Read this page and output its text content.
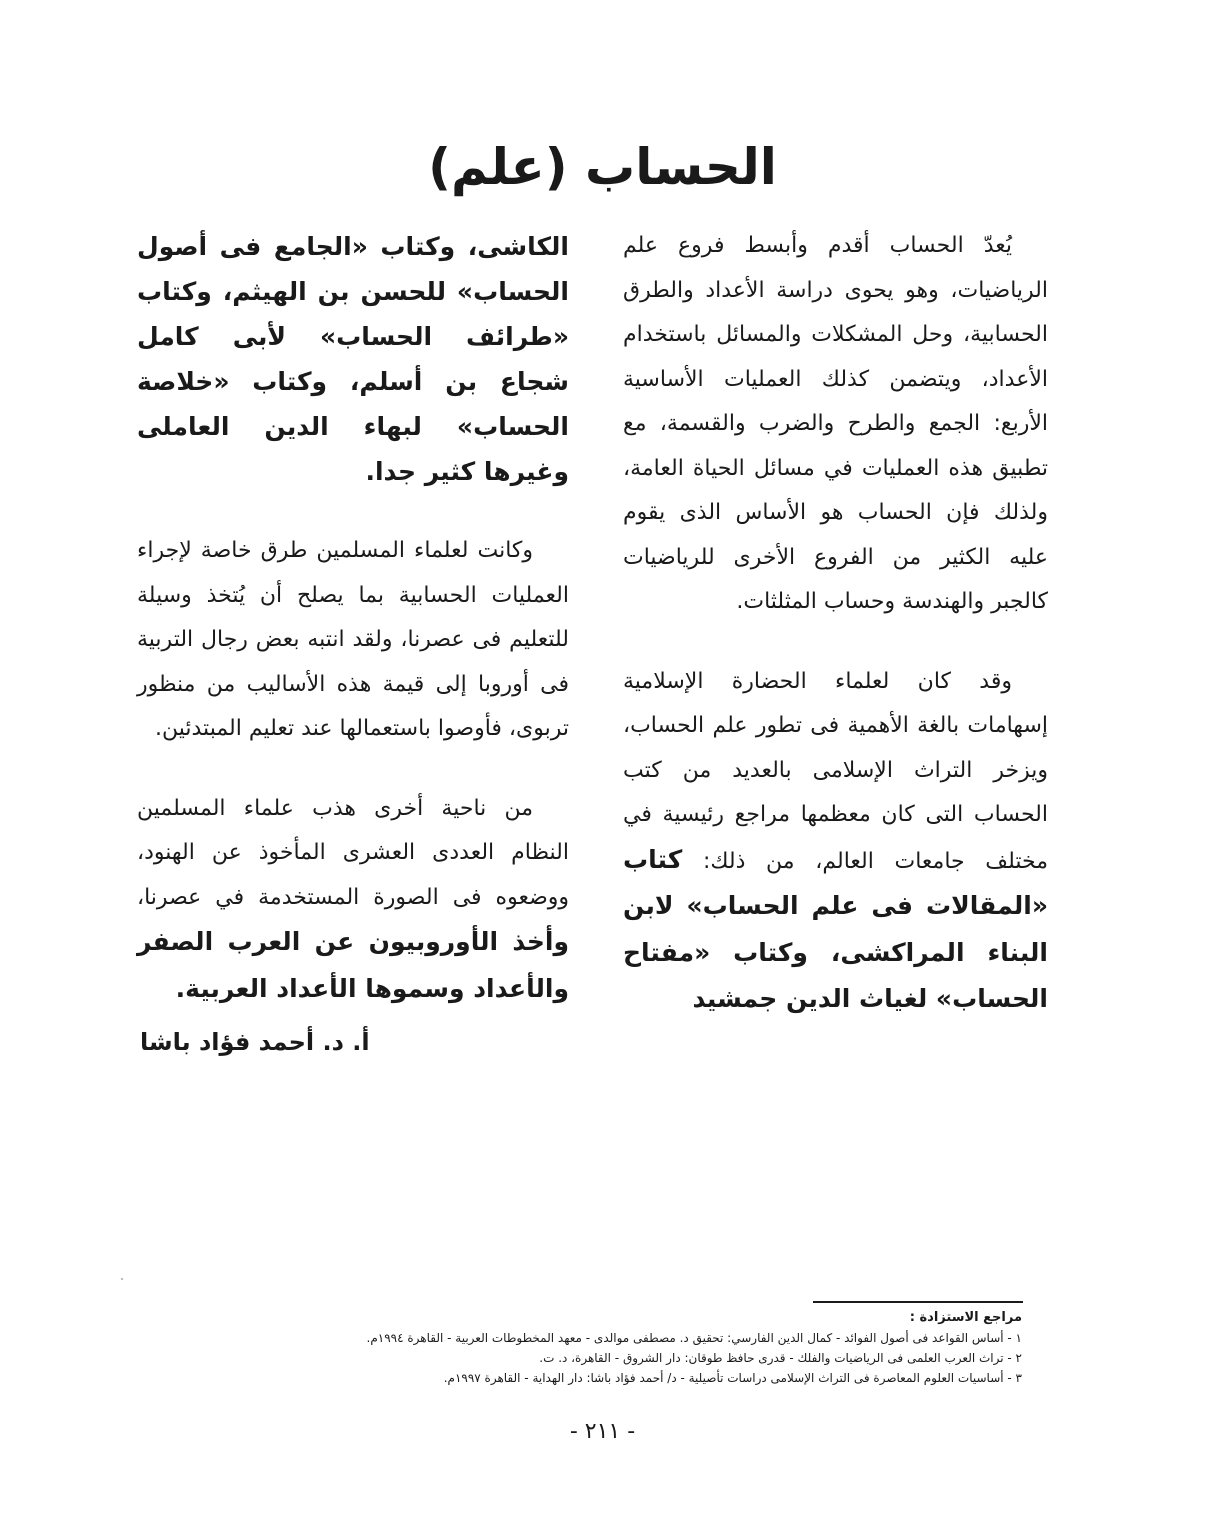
الحساب (علم)

يُعدّ الحساب أقدم وأبسط فروع علم الرياضيات، وهو يحوى دراسة الأعداد والطرق الحسابية، وحل المشكلات والمسائل باستخدام الأعداد، ويتضمن كذلك العمليات الأساسية الأربع: الجمع والطرح والضرب والقسمة، مع تطبيق هذه العمليات في مسائل الحياة العامة، ولذلك فإن الحساب هو الأساس الذى يقوم عليه الكثير من الفروع الأخرى للرياضيات كالجبر والهندسة وحساب المثلثات.

وقد كان لعلماء الحضارة الإسلامية إسهامات بالغة الأهمية فى تطور علم الحساب، ويزخر التراث الإسلامى بالعديد من كتب الحساب التى كان معظمها مراجع رئيسية في مختلف جامعات العالم، من ذلك: كتاب «المقالات فى علم الحساب» لابن البناء المراكشى، وكتاب «مفتاح الحساب» لغياث الدين جمشيد

الكاشى، وكتاب «الجامع فى أصول الحساب» للحسن بن الهيثم، وكتاب «طرائف الحساب» لأبى كامل شجاع بن أسلم، وكتاب «خلاصة الحساب» لبهاء الدين العاملى وغيرها كثير جدا.

وكانت لعلماء المسلمين طرق خاصة لإجراء العمليات الحسابية بما يصلح أن يُتخذ وسيلة للتعليم فى عصرنا، ولقد انتبه بعض رجال التربية فى أوروبا إلى قيمة هذه الأساليب من منظور تربوى، فأوصوا باستعمالها عند تعليم المبتدئين.

من ناحية أخرى هذب علماء المسلمين النظام العددى العشرى المأخوذ عن الهنود، ووضعوه فى الصورة المستخدمة في عصرنا، وأخذ الأوروبيون عن العرب الصفر والأعداد وسموها الأعداد العربية.

أ. د. أحمد فؤاد باشا

مراجع الاستزادة :

١ - أساس القواعد فى أصول الفوائد - كمال الدين الفارسي: تحقيق د. مصطفى موالدى - معهد المخطوطات العربية - القاهرة ١٩٩٤م.

٢ - تراث العرب العلمى فى الرياضيات والفلك - قدرى حافظ طوقان: دار الشروق - القاهرة، د. ت.

٣ - أساسيات العلوم المعاصرة فى التراث الإسلامى دراسات تأصيلية - د/ أحمد فؤاد باشا: دار الهداية - القاهرة ١٩٩٧م.

- ٢١١ -
